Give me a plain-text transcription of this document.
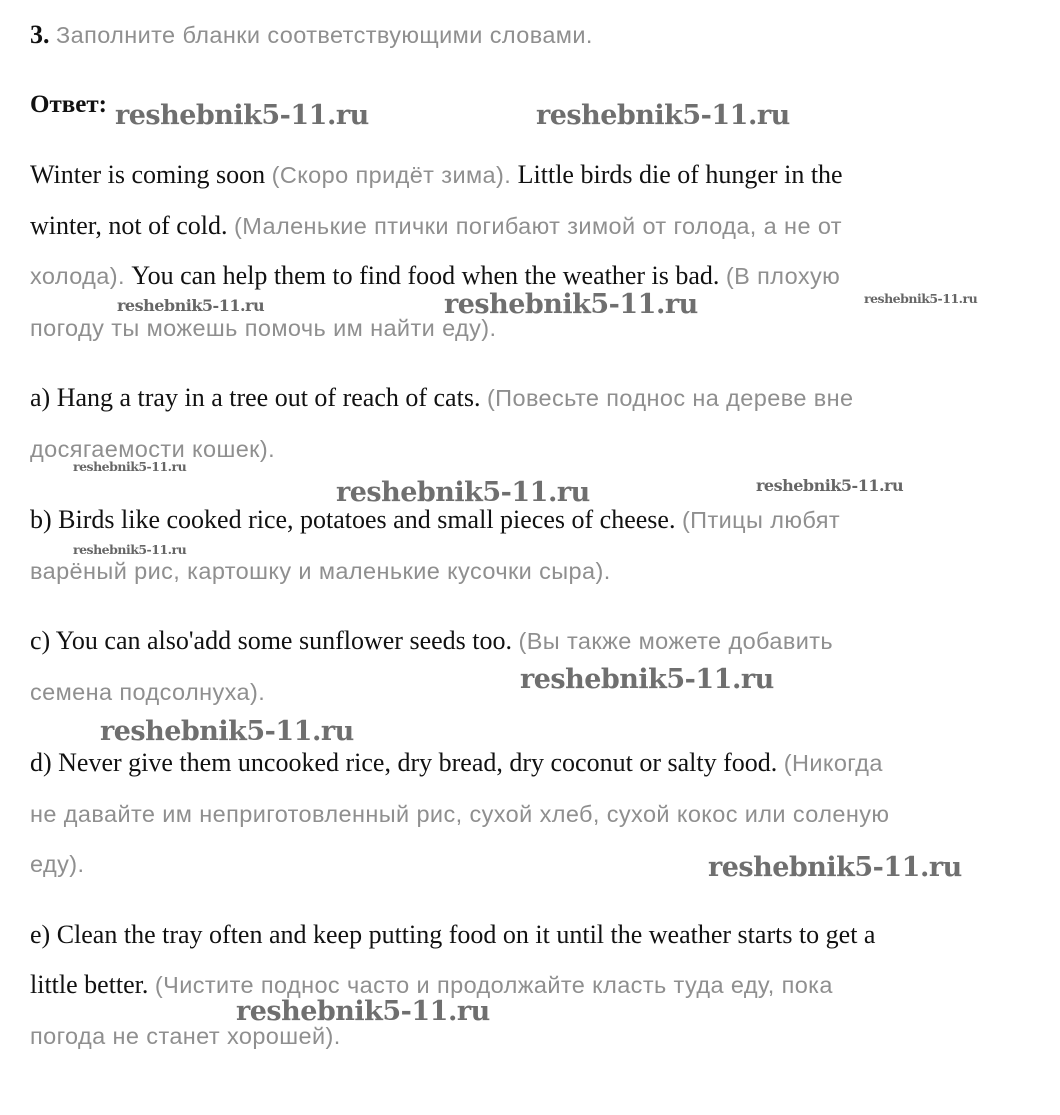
3. Заполните бланки соответствующими словами.
Ответ:
Winter is coming soon (Скоро придёт зима). Little birds die of hunger in the
winter, not of cold. (Маленькие птички погибают зимой от голода, а не от
холода). You can help them to find food when the weather is bad. (В плохую
погоду ты можешь помочь им найти еду).
a) Hang a tray in a tree out of reach of cats. (Повесьте поднос на дереве вне
досягаемости кошек).
b) Birds like cooked rice, potatoes and small pieces of cheese. (Птицы любят
варёный рис, картошку и маленькие кусочки сыра).
c) You can also'add some sunflower seeds too. (Вы также можете добавить
семена подсолнуха).
d) Never give them uncooked rice, dry bread, dry coconut or salty food. (Никогда
не давайте им неприготовленный рис, сухой хлеб, сухой кокос или соленую
еду).
e) Clean the tray often and keep putting food on it until the weather starts to get a
little better. (Чистите поднос часто и продолжайте класть туда еду, пока
погода не станет хорошей).
reshebnik5-11.ru	reshebnik5-11.ru
reshebnik5-11.ru	reshebnik5-11.ru	reshebnik5-11.ru
reshebnik5-11.ru
reshebnik5-11.ru	reshebnik5-11.ru
reshebnik5-11.ru
reshebnik5-11.ru
reshebnik5-11.ru
reshebnik5-11.ru
reshebnik5-11.ru
